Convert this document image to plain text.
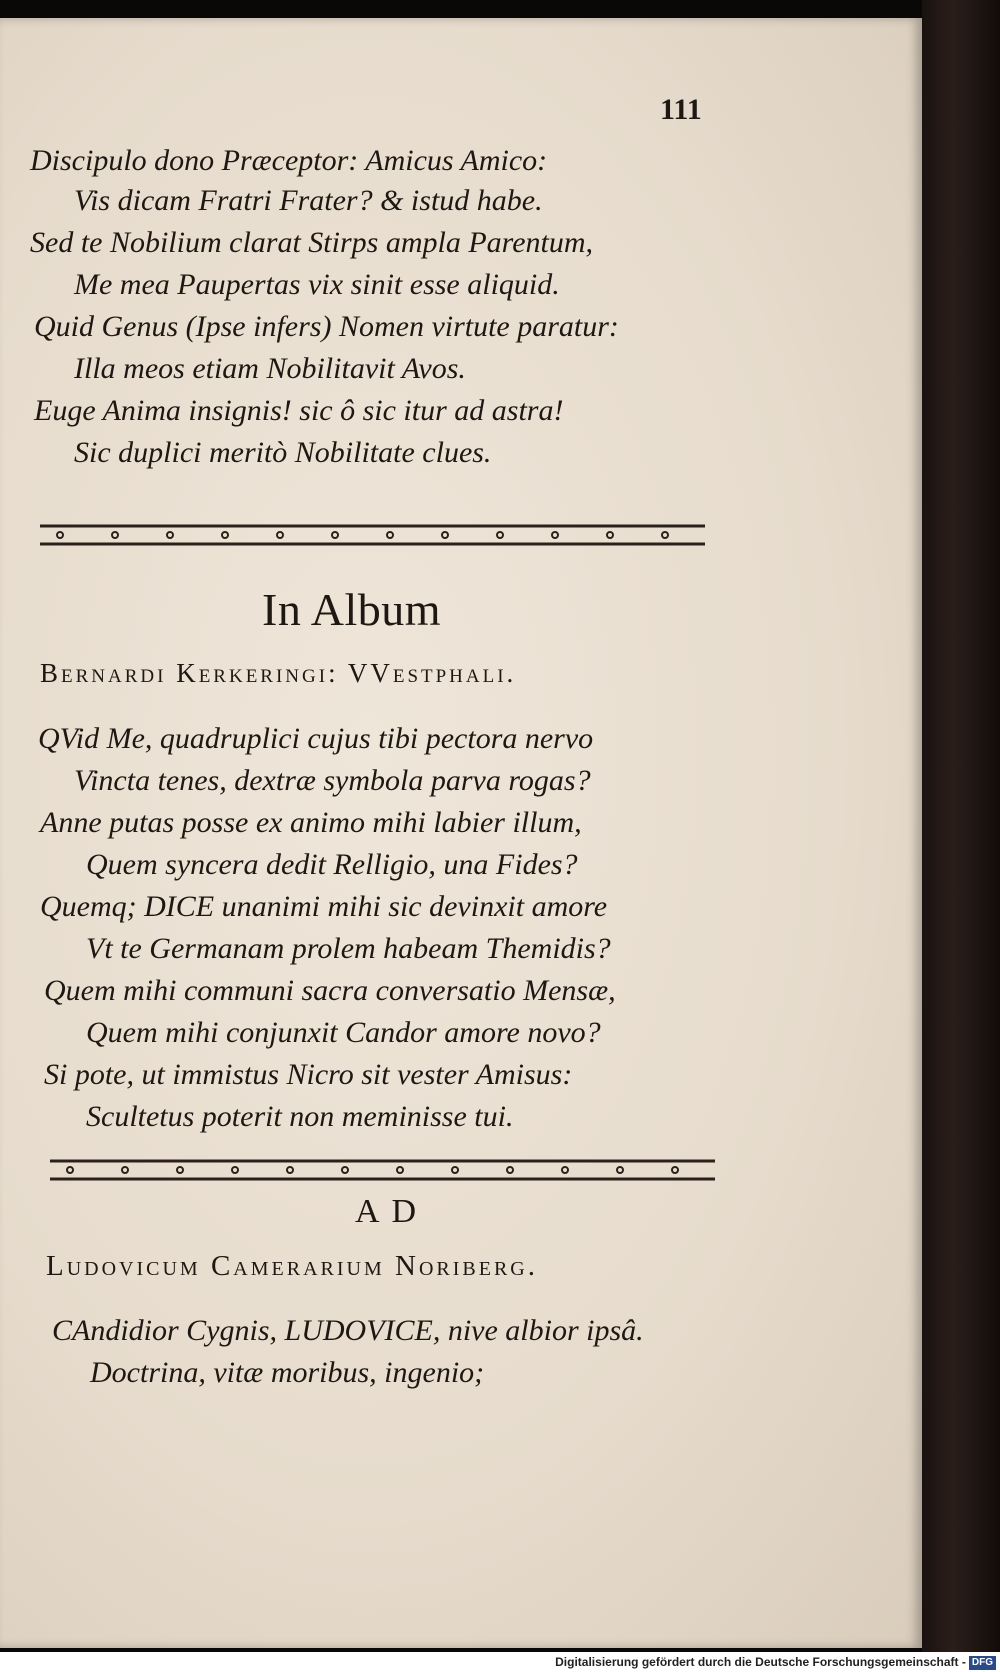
111
Discipulo dono Præceptor: Amicus Amico:
Vis dicam Fratri Frater? & istud habe.
Sed te Nobilium clarat Stirps ampla Parentum,
Me mea Paupertas vix sinit esse aliquid.
Quid Genus (Ipse infers) Nomen virtute paratur:
Illa meos etiam Nobilitavit Avos.
Euge Anima insignis! sic ô sic itur ad astra!
Sic duplici meritò Nobilitate clues.
In Album
Bernardi Kerkeringi: VVestphali.
QVid Me, quadruplici cujus tibi pectora nervo
Vincta tenes, dextræ symbola parva rogas?
Anne putas posse ex animo mihi labier illum,
Quem syncera dedit Relligio, una Fides?
Quemq; DICE unanimi mihi sic devinxit amore
Vt te Germanam prolem habeam Themidis?
Quem mihi communi sacra conversatio Mensæ,
Quem mihi conjunxit Candor amore novo?
Si pote, ut immistus Nicro sit vester Amisus:
Scultetus poterit non meminisse tui.
AD
Ludovicum Camerarium Noriberg.
CAndidior Cygnis, LUDOVICE, nive albior ipsâ.
Doctrina, vitæ moribus, ingenio;
Digitalisierung gefördert durch die Deutsche Forschungsgemeinschaft - DFG
